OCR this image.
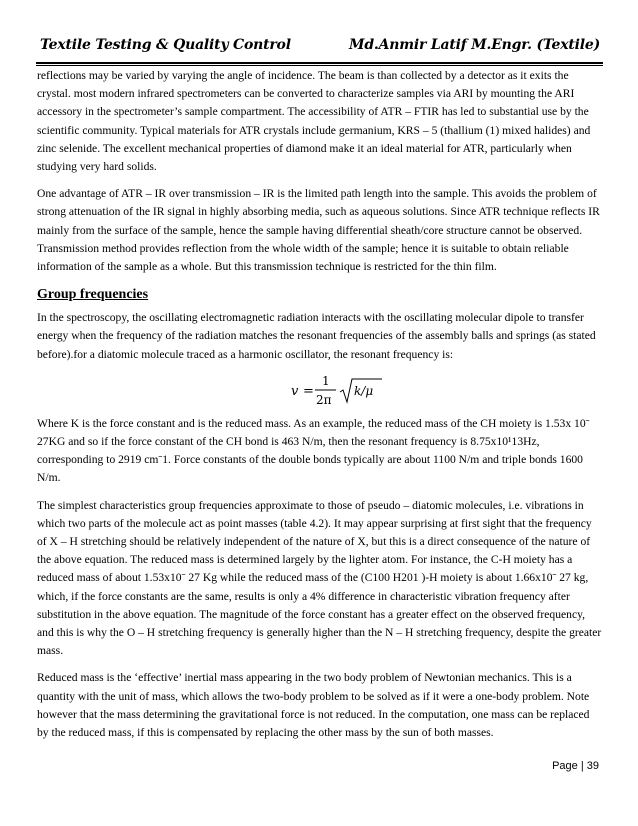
Textile Testing & Quality Control	Md.Anmir Latif M.Engr. (Textile)

reflections may be varied by varying the angle of incidence. The beam is than collected by a detector as it exits the crystal. most modern infrared spectrometers can be converted to characterize samples via ARI by mounting the ARI accessory in the spectrometer’s sample compartment. The accessibility of ATR – FTIR has led to substantial use by the scientific community. Typical materials for ATR crystals include germanium, KRS – 5 (thallium (1) mixed halides) and zinc selenide. The excellent mechanical properties of diamond make it an ideal material for ATR, particularly when studying very hard solids.

One advantage of ATR – IR over transmission – IR is the limited path length into the sample. This avoids the problem of strong attenuation of the IR signal in highly absorbing media, such as aqueous solutions. Since ATR technique reflects IR mainly from the surface of the sample, hence the sample having differential sheath/core structure cannot be observed. Transmission method provides reflection from the whole width of the sample; hence it is suitable to obtain reliable information of the sample as a whole. But this transmission technique is restricted for the thin film.

Group frequencies

In the spectroscopy, the oscillating electromagnetic radiation interacts with the oscillating molecular dipole to transfer energy when the frequency of the radiation matches the resonant frequencies of the assembly balls and springs (as stated before).for a diatomic molecule traced as a harmonic oscillator, the resonant frequency is:

v =
1
2π
k/μ

Where K is the force constant and is the reduced mass. As an example, the reduced mass of the CH moiety is 1.53x 10ˉ 27KG and so if the force constant of the CH bond is 463 N/m, then the resonant frequency is 8.75x10¹13Hz, corresponding to 2919 cmˉ1. Force constants of the double bonds typically are about 1100 N/m and triple bonds 1600 N/m.

The simplest characteristics group frequencies approximate to those of pseudo – diatomic molecules, i.e. vibrations in which two parts of the molecule act as point masses (table 4.2). It may appear surprising at first sight that the frequency of X – H stretching should be relatively independent of the nature of X, but this is a direct consequence of the nature of the above equation. The reduced mass is determined largely by the lighter atom. For instance, the C-H moiety has a reduced mass of about 1.53x10ˉ 27 Kg while the reduced mass of the (C100 H201 )-H moiety is about 1.66x10ˉ 27 kg, which, if the force constants are the same, results is only a 4% difference in characteristic vibration frequency after substitution in the above equation. The magnitude of the force constant has a greater effect on the observed frequency, and this is why the O – H stretching frequency is generally higher than the N – H stretching frequency, despite the greater mass.

Reduced mass is the ‘effective’ inertial mass appearing in the two body problem of Newtonian mechanics. This is a quantity with the unit of mass, which allows the two-body problem to be solved as if it were a one-body problem. Note however that the mass determining the gravitational force is not reduced. In the computation, one mass can be replaced by the reduced mass, if this is compensated by replacing the other mass by the sun of both masses.

Page | 39
